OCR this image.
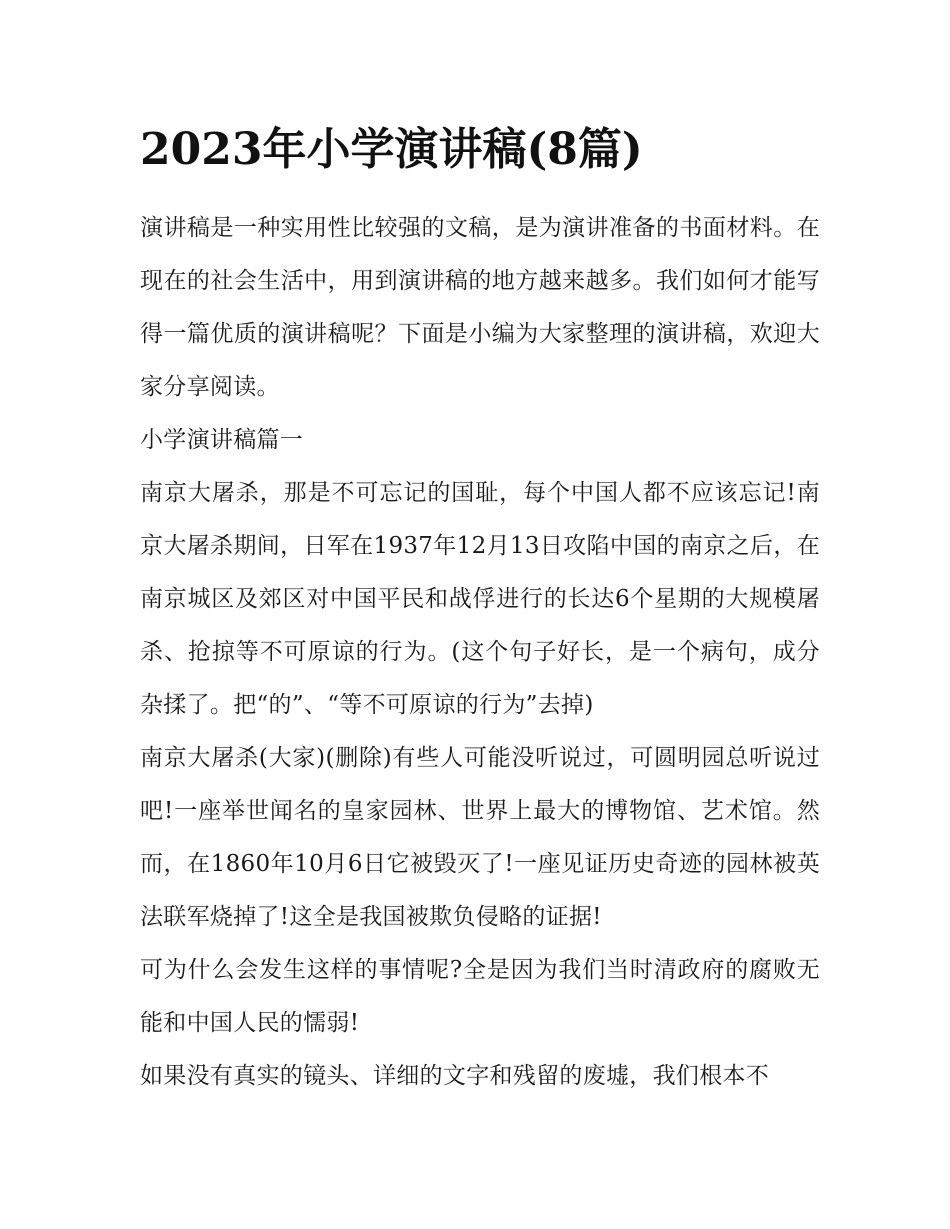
2023年小学演讲稿(8篇)

演讲稿是一种实用性比较强的文稿，是为演讲准备的书面材料。在现在的社会生活中，用到演讲稿的地方越来越多。我们如何才能写得一篇优质的演讲稿呢？下面是小编为大家整理的演讲稿，欢迎大家分享阅读。

小学演讲稿篇一

南京大屠杀，那是不可忘记的国耻，每个中国人都不应该忘记!南京大屠杀期间，日军在1937年12月13日攻陷中国的南京之后，在南京城区及郊区对中国平民和战俘进行的长达6个星期的大规模屠杀、抢掠等不可原谅的行为。(这个句子好长，是一个病句，成分杂揉了。把“的”、“等不可原谅的行为”去掉)

南京大屠杀(大家)(删除)有些人可能没听说过，可圆明园总听说过吧!一座举世闻名的皇家园林、世界上最大的博物馆、艺术馆。然而，在1860年10月6日它被毁灭了!一座见证历史奇迹的园林被英法联军烧掉了!这全是我国被欺负侵略的证据!

可为什么会发生这样的事情呢?全是因为我们当时清政府的腐败无能和中国人民的懦弱!

如果没有真实的镜头、详细的文字和残留的废墟，我们根本不
